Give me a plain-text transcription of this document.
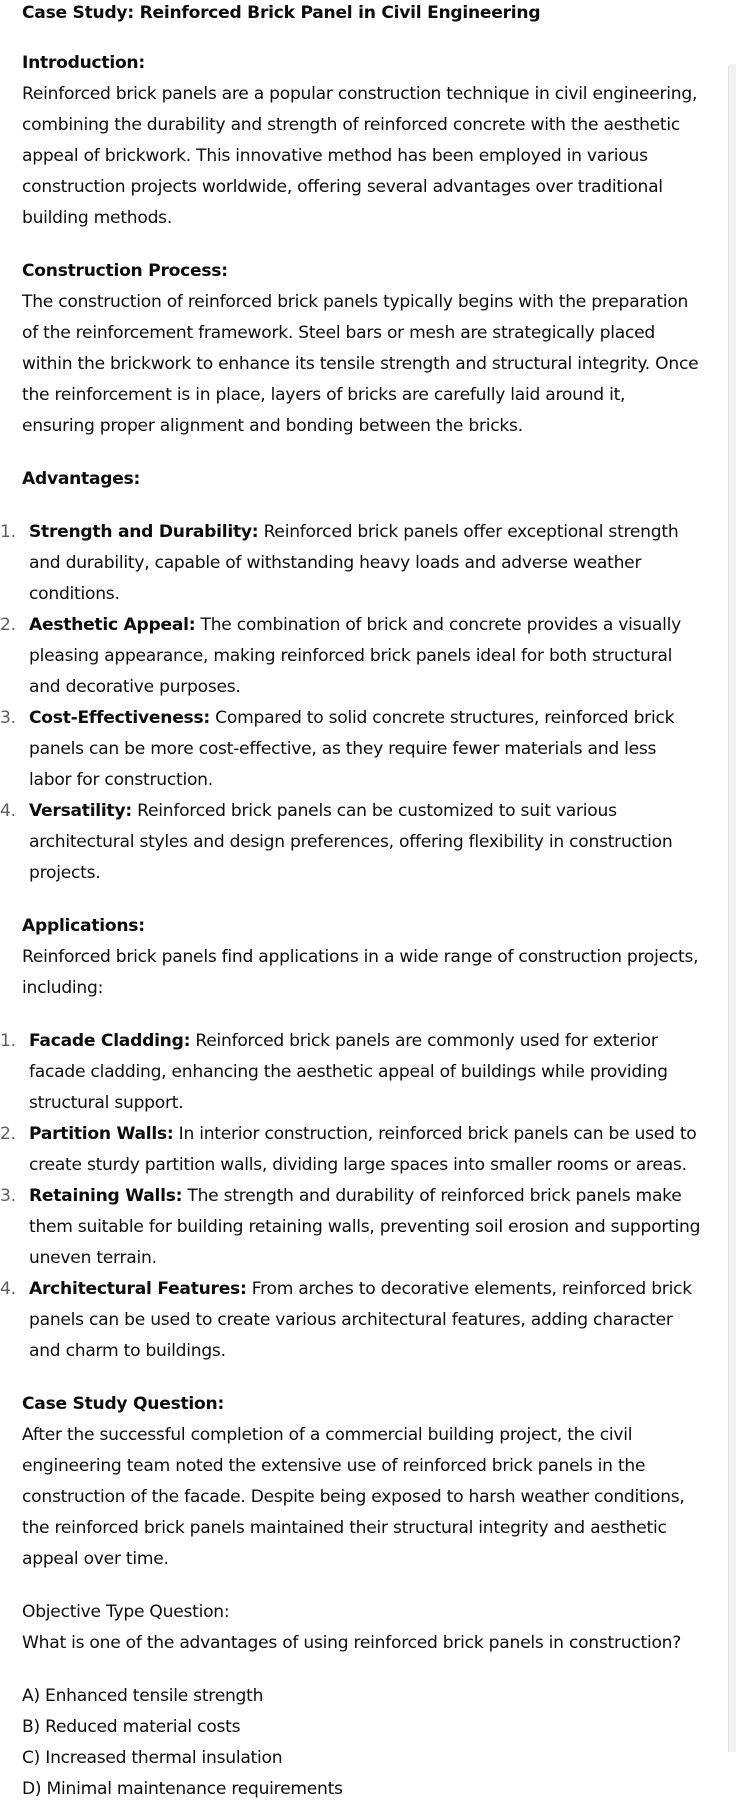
Case Study: Reinforced Brick Panel in Civil Engineering

Introduction:

Reinforced brick panels are a popular construction technique in civil engineering, combining the durability and strength of reinforced concrete with the aesthetic appeal of brickwork. This innovative method has been employed in various construction projects worldwide, offering several advantages over traditional building methods.

Construction Process:

The construction of reinforced brick panels typically begins with the preparation of the reinforcement framework. Steel bars or mesh are strategically placed within the brickwork to enhance its tensile strength and structural integrity. Once the reinforcement is in place, layers of bricks are carefully laid around it, ensuring proper alignment and bonding between the bricks.

Advantages:

1. Strength and Durability: Reinforced brick panels offer exceptional strength and durability, capable of withstanding heavy loads and adverse weather conditions.
2. Aesthetic Appeal: The combination of brick and concrete provides a visually pleasing appearance, making reinforced brick panels ideal for both structural and decorative purposes.
3. Cost-Effectiveness: Compared to solid concrete structures, reinforced brick panels can be more cost-effective, as they require fewer materials and less labor for construction.
4. Versatility: Reinforced brick panels can be customized to suit various architectural styles and design preferences, offering flexibility in construction projects.

Applications:

Reinforced brick panels find applications in a wide range of construction projects, including:

1. Facade Cladding: Reinforced brick panels are commonly used for exterior facade cladding, enhancing the aesthetic appeal of buildings while providing structural support.
2. Partition Walls: In interior construction, reinforced brick panels can be used to create sturdy partition walls, dividing large spaces into smaller rooms or areas.
3. Retaining Walls: The strength and durability of reinforced brick panels make them suitable for building retaining walls, preventing soil erosion and supporting uneven terrain.
4. Architectural Features: From arches to decorative elements, reinforced brick panels can be used to create various architectural features, adding character and charm to buildings.

Case Study Question:

After the successful completion of a commercial building project, the civil engineering team noted the extensive use of reinforced brick panels in the construction of the facade. Despite being exposed to harsh weather conditions, the reinforced brick panels maintained their structural integrity and aesthetic appeal over time.

Objective Type Question:

What is one of the advantages of using reinforced brick panels in construction?

A) Enhanced tensile strength

B) Reduced material costs

C) Increased thermal insulation

D) Minimal maintenance requirements
